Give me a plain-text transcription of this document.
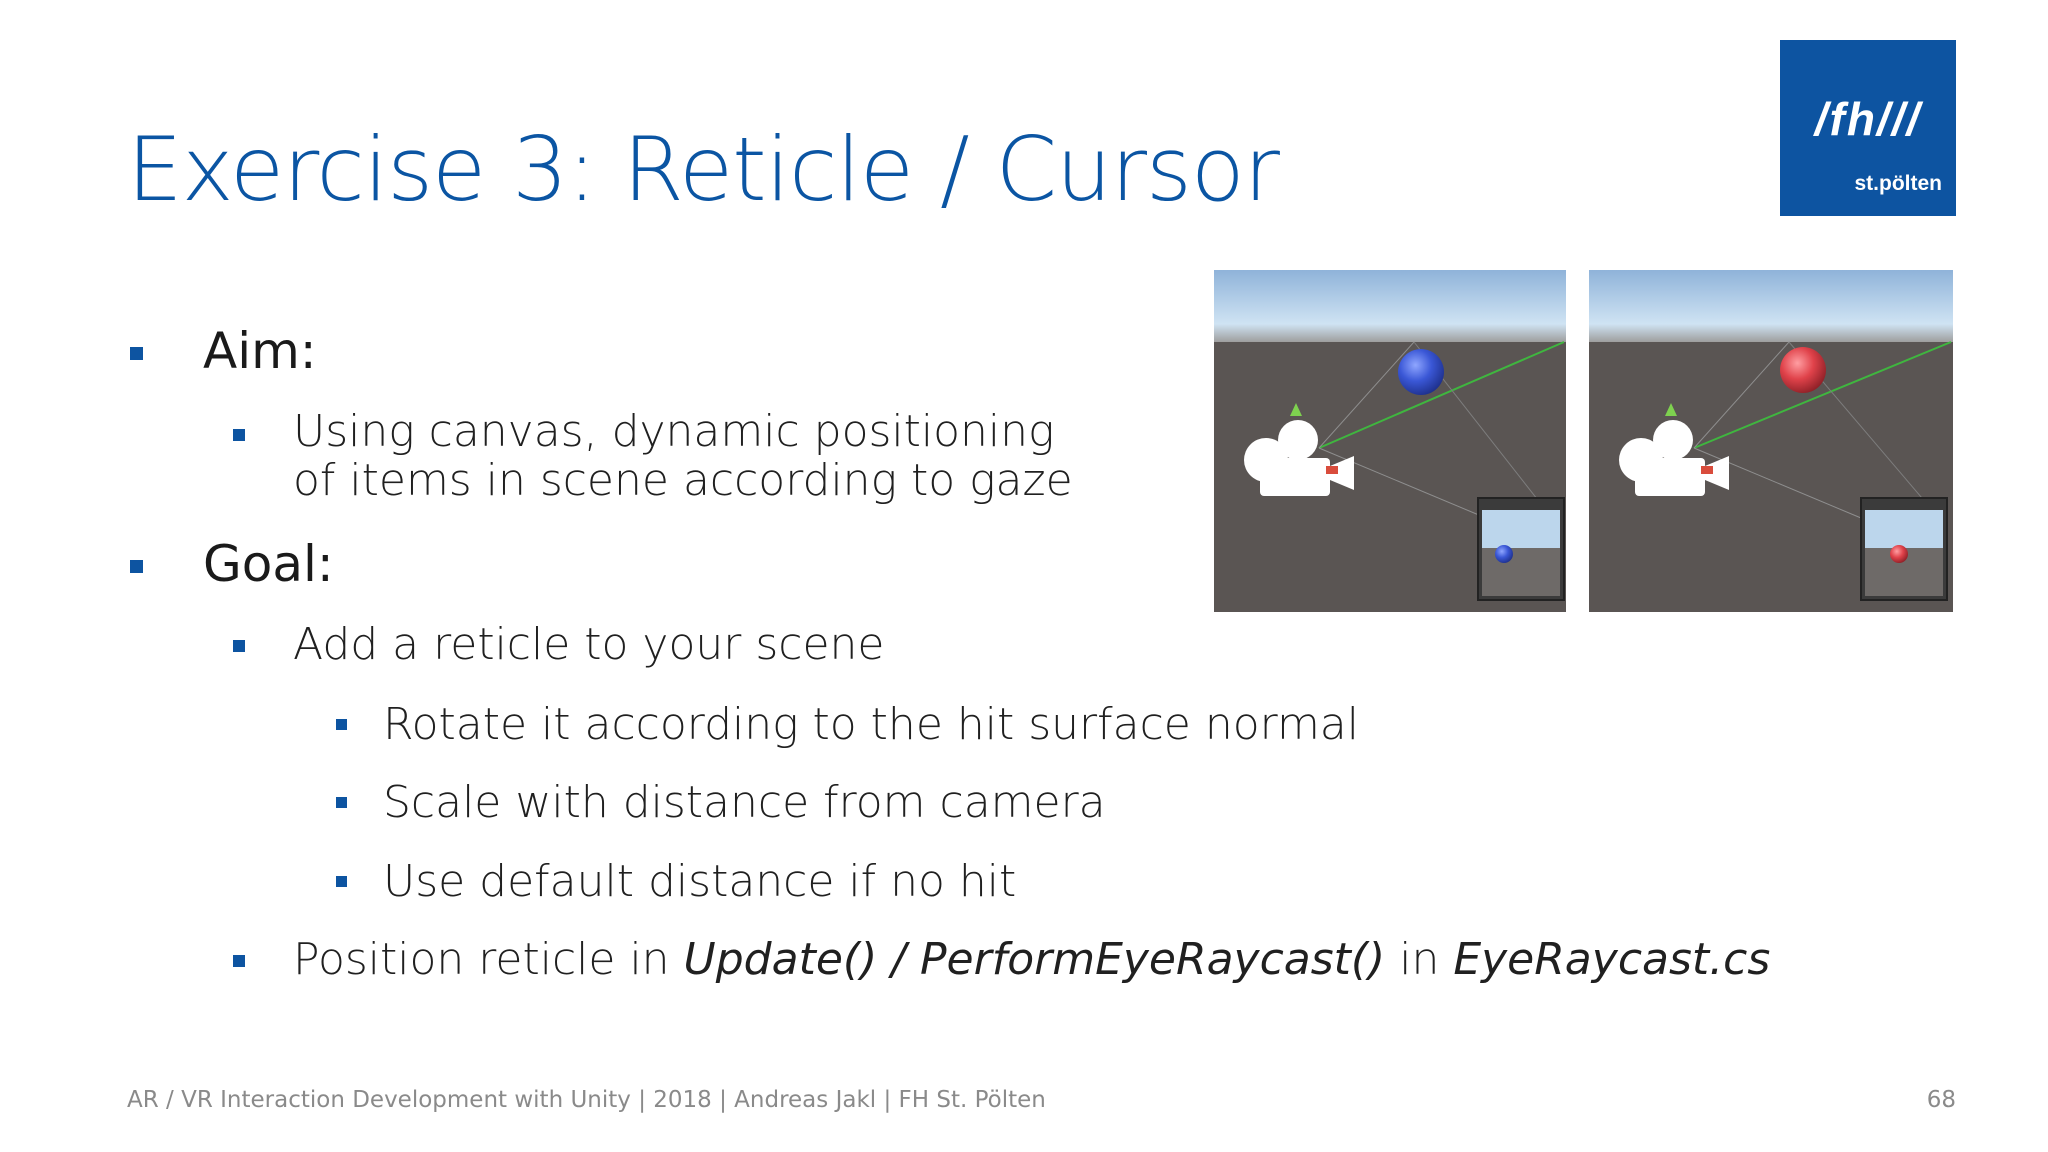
Exercise 3: Reticle / Cursor	/fh///
st.pölten
Aim:
Using canvas, dynamic positioning
of items in scene according to gaze
Goal:
Add a reticle to your scene
Rotate it according to the hit surface normal
Scale with distance from camera
Use default distance if no hit
Position reticle in Update() / PerformEyeRaycast() in EyeRaycast.cs
AR / VR Interaction Development with Unity | 2018 | Andreas Jakl | FH St. Pölten	68
